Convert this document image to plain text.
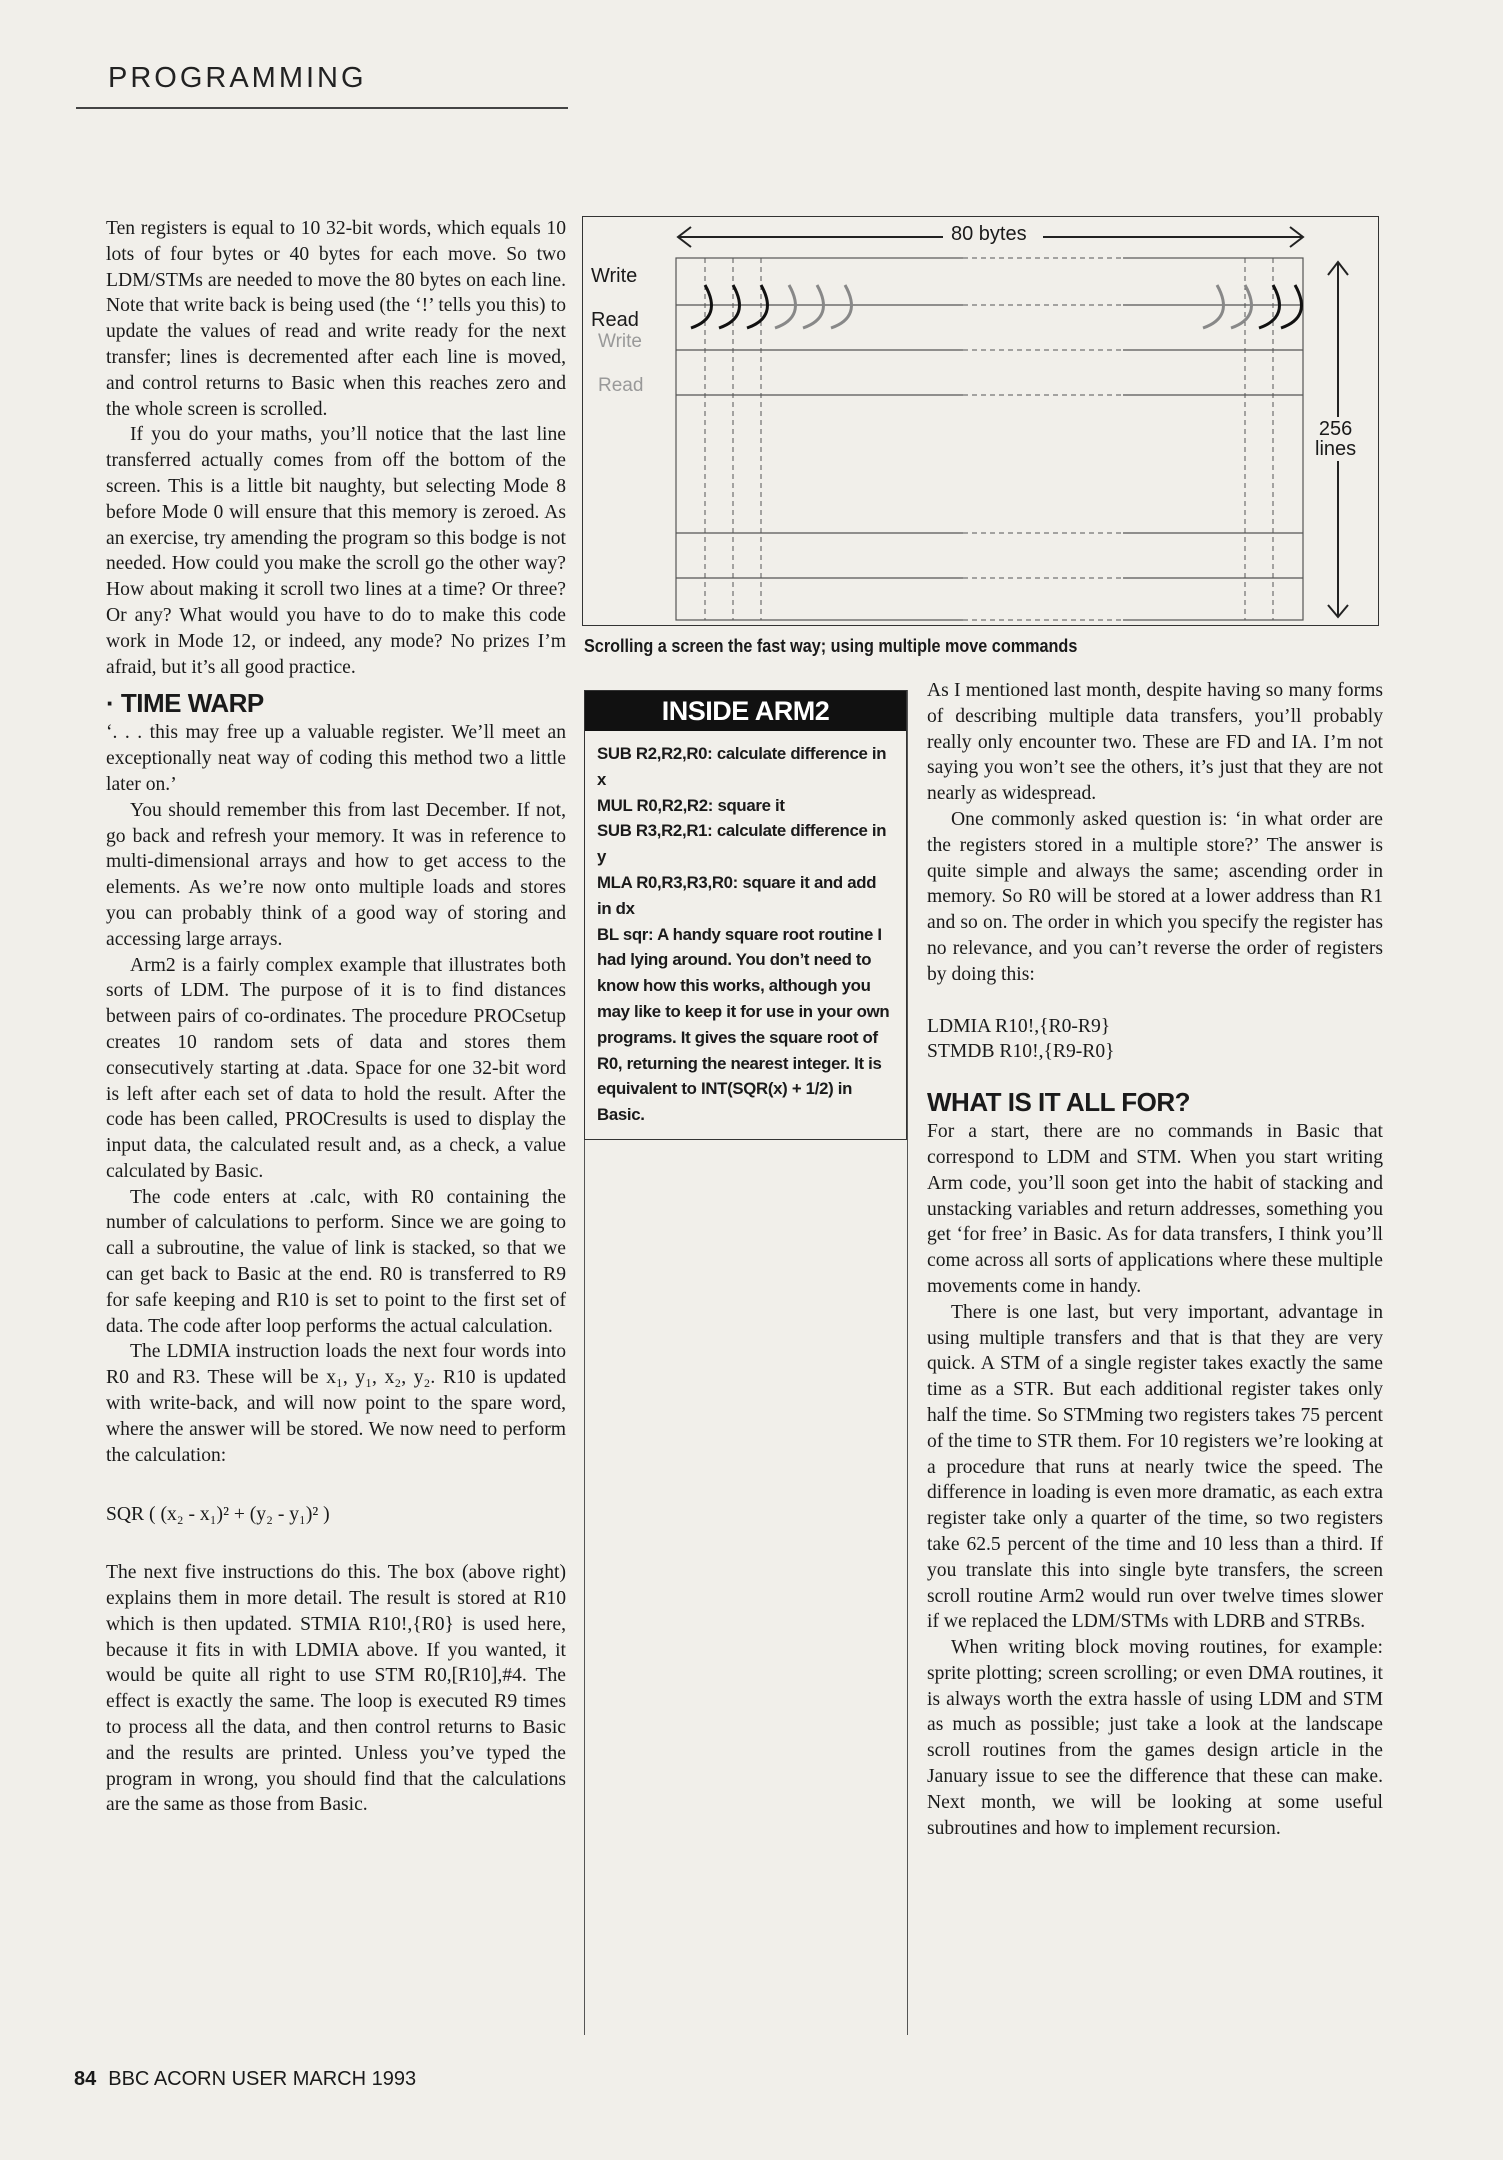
PROGRAMMING

Ten registers is equal to 10 32-bit words, which equals 10 lots of four bytes or 40 bytes for each move. So two LDM/STMs are needed to move the 80 bytes on each line. Note that write back is being used (the ‘!’ tells you this) to update the values of read and write ready for the next transfer; lines is decremented after each line is moved, and control returns to Basic when this reaches zero and the whole screen is scrolled.

If you do your maths, you’ll notice that the last line transferred actually comes from off the bottom of the screen. This is a little bit naughty, but selecting Mode 8 before Mode 0 will ensure that this memory is zeroed. As an exercise, try amending the program so this bodge is not needed. How could you make the scroll go the other way? How about making it scroll two lines at a time? Or three? Or any? What would you have to do to make this code work in Mode 12, or indeed, any mode? No prizes I’m afraid, but it’s all good practice.

· TIME WARP

‘. . . this may free up a valuable register. We’ll meet an exceptionally neat way of coding this method two a little later on.’

You should remember this from last December. If not, go back and refresh your memory. It was in reference to multi-dimensional arrays and how to get access to the elements. As we’re now onto multiple loads and stores you can probably think of a good way of storing and accessing large arrays.

Arm2 is a fairly complex example that illustrates both sorts of LDM. The purpose of it is to find distances between pairs of co-ordinates. The procedure PROCsetup creates 10 random sets of data and stores them consecutively starting at .data. Space for one 32-bit word is left after each set of data to hold the result. After the code has been called, PROCresults is used to display the input data, the calculated result and, as a check, a value calculated by Basic.

The code enters at .calc, with R0 containing the number of calculations to perform. Since we are going to call a subroutine, the value of link is stacked, so that we can get back to Basic at the end. R0 is transferred to R9 for safe keeping and R10 is set to point to the first set of data. The code after loop performs the actual calculation.

The LDMIA instruction loads the next four words into R0 and R3. These will be x₁, y₁, x₂, y₂. R10 is updated with write-back, and will now point to the spare word, where the answer will be stored. We now need to perform the calculation:

SQR ( (x₂ - x₁)² + (y₂ - y₁)² )

The next five instructions do this. The box (above right) explains them in more detail. The result is stored at R10 which is then updated. STMIA R10!,{R0} is used here, because it fits in with LDMIA above. If you wanted, it would be quite all right to use STM R0,[R10],#4. The effect is exactly the same. The loop is executed R9 times to process all the data, and then control returns to Basic and the results are printed. Unless you’ve typed the program in wrong, you should find that the calculations are the same as those from Basic.

80 bytes
Write
Read
Write
Read
256
lines
Scrolling a screen the fast way; using multiple move commands
INSIDE ARM2
SUB R2,R2,R0: calculate difference in x
MUL R0,R2,R2: square it
SUB R3,R2,R1: calculate difference in y
MLA R0,R3,R3,R0: square it and add in dx
BL sqr: A handy square root routine I had lying around. You don’t need to know how this works, although you may like to keep it for use in your own programs. It gives the square root of R0, returning the nearest integer. It is equivalent to INT(SQR(x) + 1/2) in Basic.

As I mentioned last month, despite having so many forms of describing multiple data transfers, you’ll probably really only encounter two. These are FD and IA. I’m not saying you won’t see the others, it’s just that they are not nearly as widespread.

One commonly asked question is: ‘in what order are the registers stored in a multiple store?’ The answer is quite simple and always the same; ascending order in memory. So R0 will be stored at a lower address than R1 and so on. The order in which you specify the register has no relevance, and you can’t reverse the order of registers by doing this:

LDMIA R10!,{R0-R9}
STMDB R10!,{R9-R0}
WHAT IS IT ALL FOR?

For a start, there are no commands in Basic that correspond to LDM and STM. When you start writing Arm code, you’ll soon get into the habit of stacking and unstacking variables and return addresses, something you get ‘for free’ in Basic. As for data transfers, I think you’ll come across all sorts of applications where these multiple movements come in handy.

There is one last, but very important, advantage in using multiple transfers and that is that they are very quick. A STM of a single register takes exactly the same time as a STR. But each additional register takes only half the time. So STMming two registers takes 75 percent of the time to STR them. For 10 registers we’re looking at a procedure that runs at nearly twice the speed. The difference in loading is even more dramatic, as each extra register take only a quarter of the time, so two registers take 62.5 percent of the time and 10 less than a third. If you translate this into single byte transfers, the screen scroll routine Arm2 would run over twelve times slower if we replaced the LDM/STMs with LDRB and STRBs.

When writing block moving routines, for example: sprite plotting; screen scrolling; or even DMA routines, it is always worth the extra hassle of using LDM and STM as much as possible; just take a look at the landscape scroll routines from the games design article in the January issue to see the difference that these can make. Next month, we will be looking at some useful subroutines and how to implement recursion.

84 BBC ACORN USER MARCH 1993
